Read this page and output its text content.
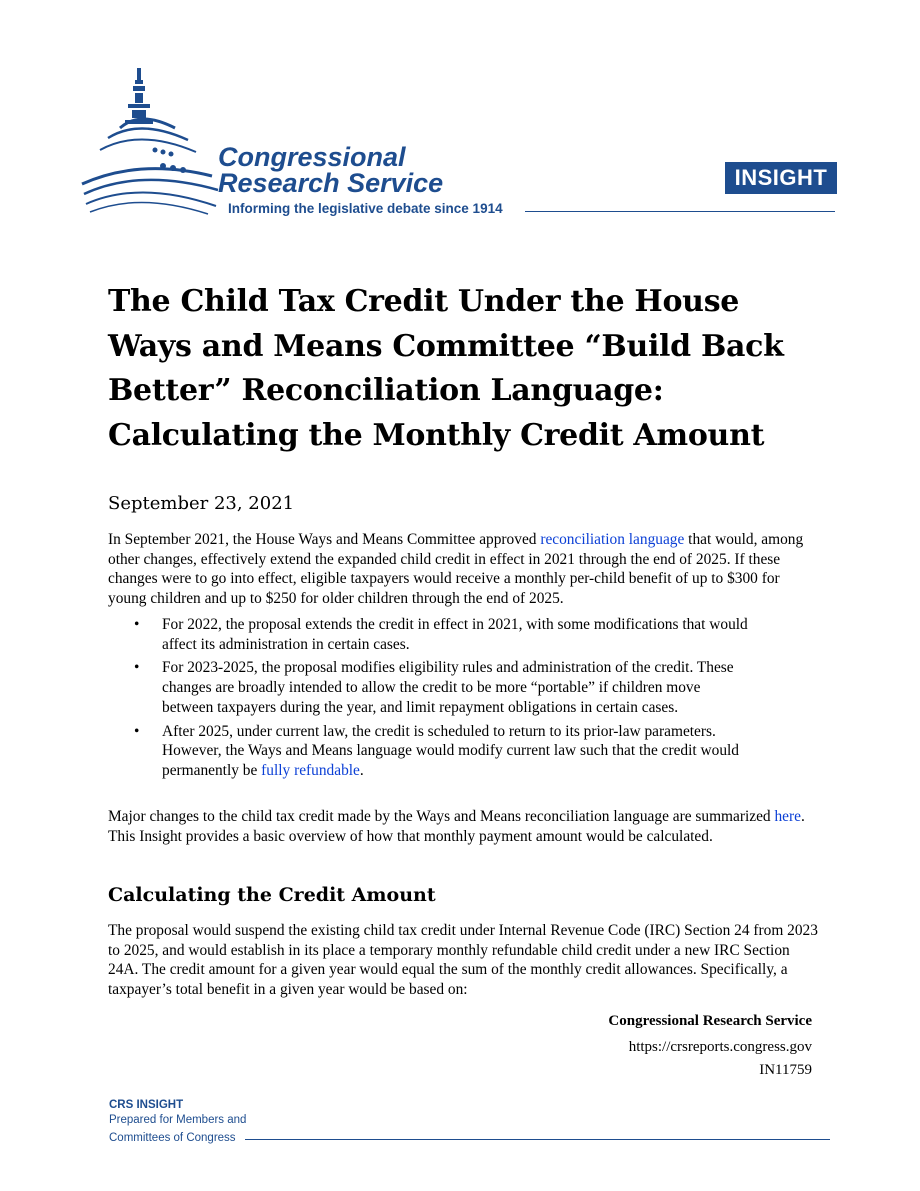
Congressional
Research Service
Informing the legislative debate since 1914
INSIGHT
The Child Tax Credit Under the House Ways and Means Committee “Build Back Better” Reconciliation Language: Calculating the Monthly Credit Amount

September 23, 2021

In September 2021, the House Ways and Means Committee approved reconciliation language that would, among other changes, effectively extend the expanded child credit in effect in 2021 through the end of 2025. If these changes were to go into effect, eligible taxpayers would receive a monthly per-child benefit of up to $300 for young children and up to $250 for older children through the end of 2025.

• For 2022, the proposal extends the credit in effect in 2021, with some modifications that would affect its administration in certain cases.
• For 2023-2025, the proposal modifies eligibility rules and administration of the credit. These changes are broadly intended to allow the credit to be more “portable” if children move between taxpayers during the year, and limit repayment obligations in certain cases.
• After 2025, under current law, the credit is scheduled to return to its prior-law parameters. However, the Ways and Means language would modify current law such that the credit would permanently be fully refundable.

Major changes to the child tax credit made by the Ways and Means reconciliation language are summarized here. This Insight provides a basic overview of how that monthly payment amount would be calculated.

Calculating the Credit Amount

The proposal would suspend the existing child tax credit under Internal Revenue Code (IRC) Section 24 from 2023 to 2025, and would establish in its place a temporary monthly refundable child credit under a new IRC Section 24A. The credit amount for a given year would equal the sum of the monthly credit allowances. Specifically, a taxpayer’s total benefit in a given year would be based on:

Congressional Research Service

https://crsreports.congress.gov

IN11759

CRS INSIGHT

Prepared for Members and

Committees of Congress
